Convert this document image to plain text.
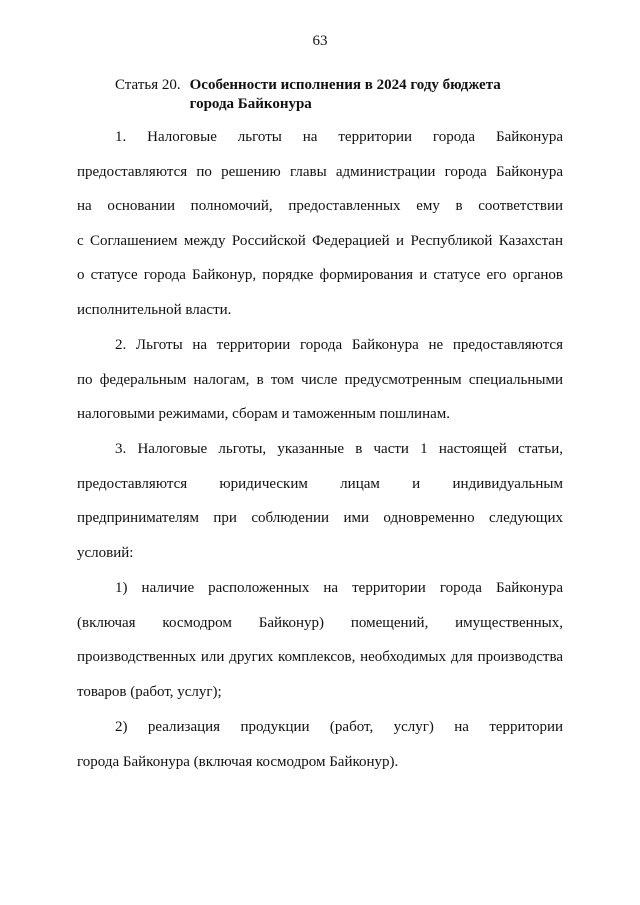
63
Статья 20. Особенности исполнения в 2024 году бюджета
города Байконура
1. Налоговые льготы на территории города Байконура
предоставляются по решению главы администрации города Байконура
на основании полномочий, предоставленных ему в соответствии
с Соглашением между Российской Федерацией и Республикой Казахстан
о статусе города Байконур, порядке формирования и статусе его органов
исполнительной власти.
2. Льготы на территории города Байконура не предоставляются
по федеральным налогам, в том числе предусмотренным специальными
налоговыми режимами, сборам и таможенным пошлинам.
3. Налоговые льготы, указанные в части 1 настоящей статьи,
предоставляются юридическим лицам и индивидуальным
предпринимателям при соблюдении ими одновременно следующих
условий:
1) наличие расположенных на территории города Байконура
(включая космодром Байконур) помещений, имущественных,
производственных или других комплексов, необходимых для производства
товаров (работ, услуг);
2) реализация продукции (работ, услуг) на территории
города Байконура (включая космодром Байконур).
